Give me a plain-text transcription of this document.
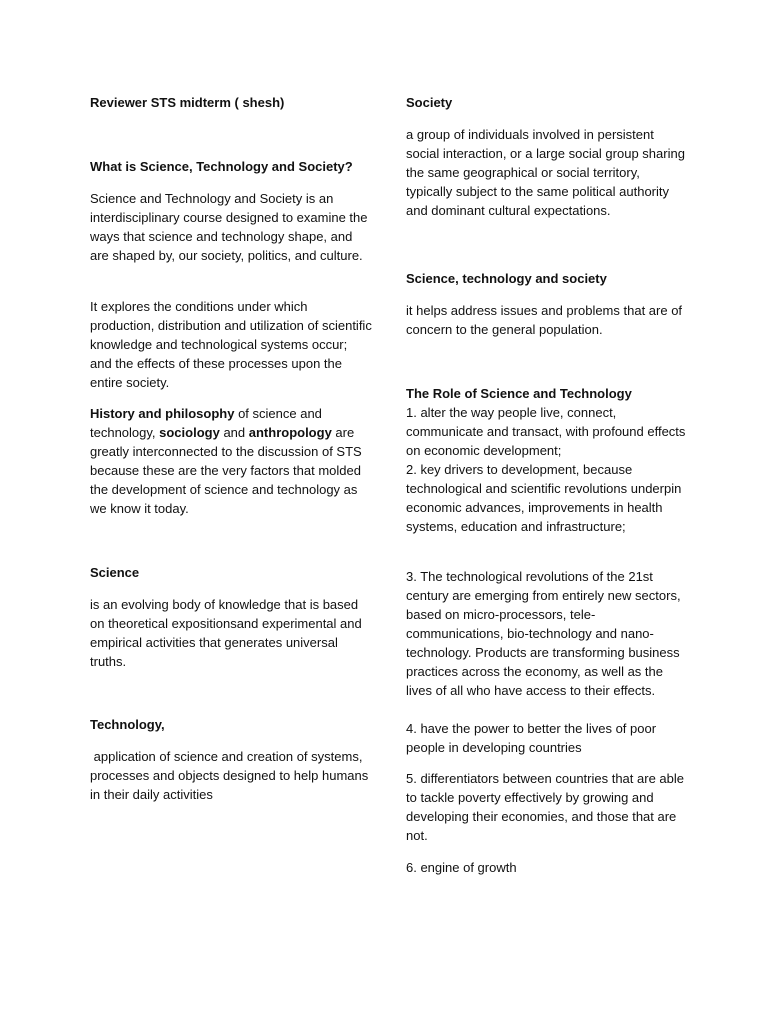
Reviewer STS midterm ( shesh)

What is Science, Technology and Society?

Science and Technology and Society is an interdisciplinary course designed to examine the ways that science and technology shape, and are shaped by, our society, politics, and culture.

It explores the conditions under which production, distribution and utilization of scientific knowledge and technological systems occur; and the effects of these processes upon the entire society.

History and philosophy of science and technology, sociology and anthropology are greatly interconnected to the discussion of STS because these are the very factors that molded the development of science and technology as we know it today.

Science

is an evolving body of knowledge that is based on theoretical expositionsand experimental and empirical activities that generates universal truths.

Technology,

application of science and creation of systems, processes and objects designed to help humans in their daily activities

Society

a group of individuals involved in persistent social interaction, or a large social group sharing the same geographical or social territory, typically subject to the same political authority and dominant cultural expectations.

Science, technology and society

it helps address issues and problems that are of concern to the general population.

The Role of Science and Technology

1. alter the way people live, connect, communicate and transact, with profound effects on economic development;

2. key drivers to development, because technological and scientific revolutions underpin economic advances, improvements in health systems, education and infrastructure;

3. The technological revolutions of the 21st century are emerging from entirely new sectors, based on micro-processors, tele-communications, bio-technology and nano-technology. Products are transforming business practices across the economy, as well as the lives of all who have access to their effects.

4. have the power to better the lives of poor people in developing countries

5. differentiators between countries that are able to tackle poverty effectively by growing and developing their economies, and those that are not.

6. engine of growth
